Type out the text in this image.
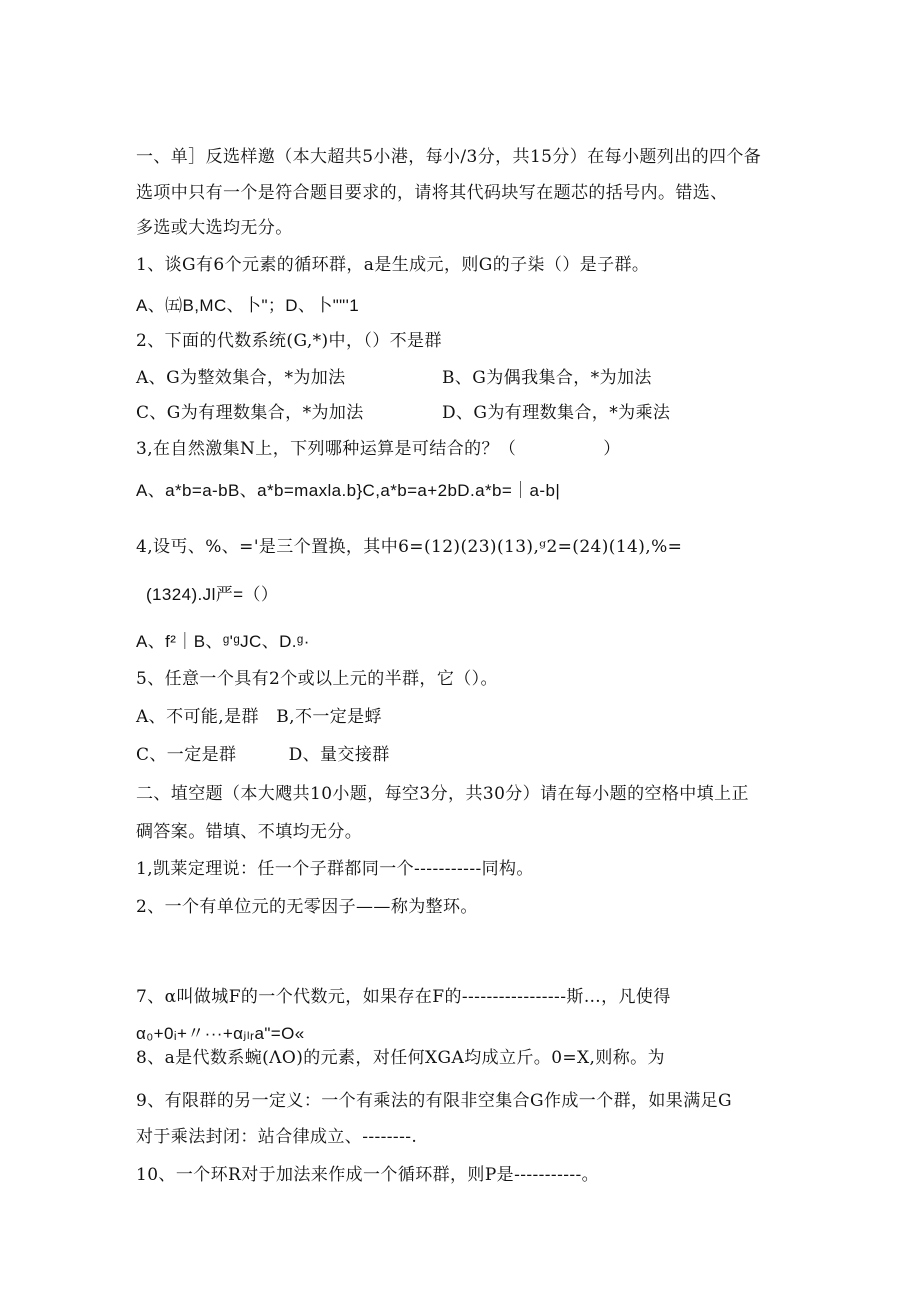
一、单］反选样邀（本大超共5小港，每小/3分，共15分）在每小题列出的四个备
选项中只有一个是符合题目要求的，请将其代码块写在题芯的括号内。错选、
多选或大选均无分。
1、谈G有6个元素的循环群，a是生成元，则G的子柒（）是子群。
A、㈤B,MC、卜"；D、卜""'1
2、下面的代数系统(G,*)中，（）不是群
A、G为整效集合，*为加法	B、G为偶我集合，*为加法
C、G为有理数集合，*为加法	D、G为有理数集合，*为乘法
3,在自然激集N上，下列哪种运算是可结合的？（　　　　　）
A、a*b=a-bB、a*b=maxla.b}C,a*b=a+2bD.a*b=｜a-b|
4,设丐、%、='是三个置换，其中6=(12)(23)(13),ᵍ2=(24)(14),%=
(1324).Jl严=（）
A、f²｜B、ᵍ'ᵍJC、D.ᵍ·
5、任意一个具有2个或以上元的半群，它（）。
A、不可能,是群　B,不一定是蜉
C、一定是群　　　D、量交接群
二、埴空题（本大飕共10小题，每空3分，共30分）请在每小题的空格中填上正
碉答案。错填、不填均无分。
1,凯莱定理说：任一个子群都同一个-----------同构。
2、一个有单位元的无零因子——称为整环。
7、α叫做城F的一个代数元，如果存在F的-----------------斯…，凡使得
α₀+0ᵢ+〃···+αⱼₗᵣa"=O«
8、a是代数系蜿(ΛO)的元素，对任何XGA均成立斤。0=X,则称。为
9、有限群的另一定义：一个有乘法的有限非空集合G作成一个群，如果满足G
对于乘法封闭：站合律成立、--------.
10、一个环R对于加法来作成一个循环群，则P是-----------。
